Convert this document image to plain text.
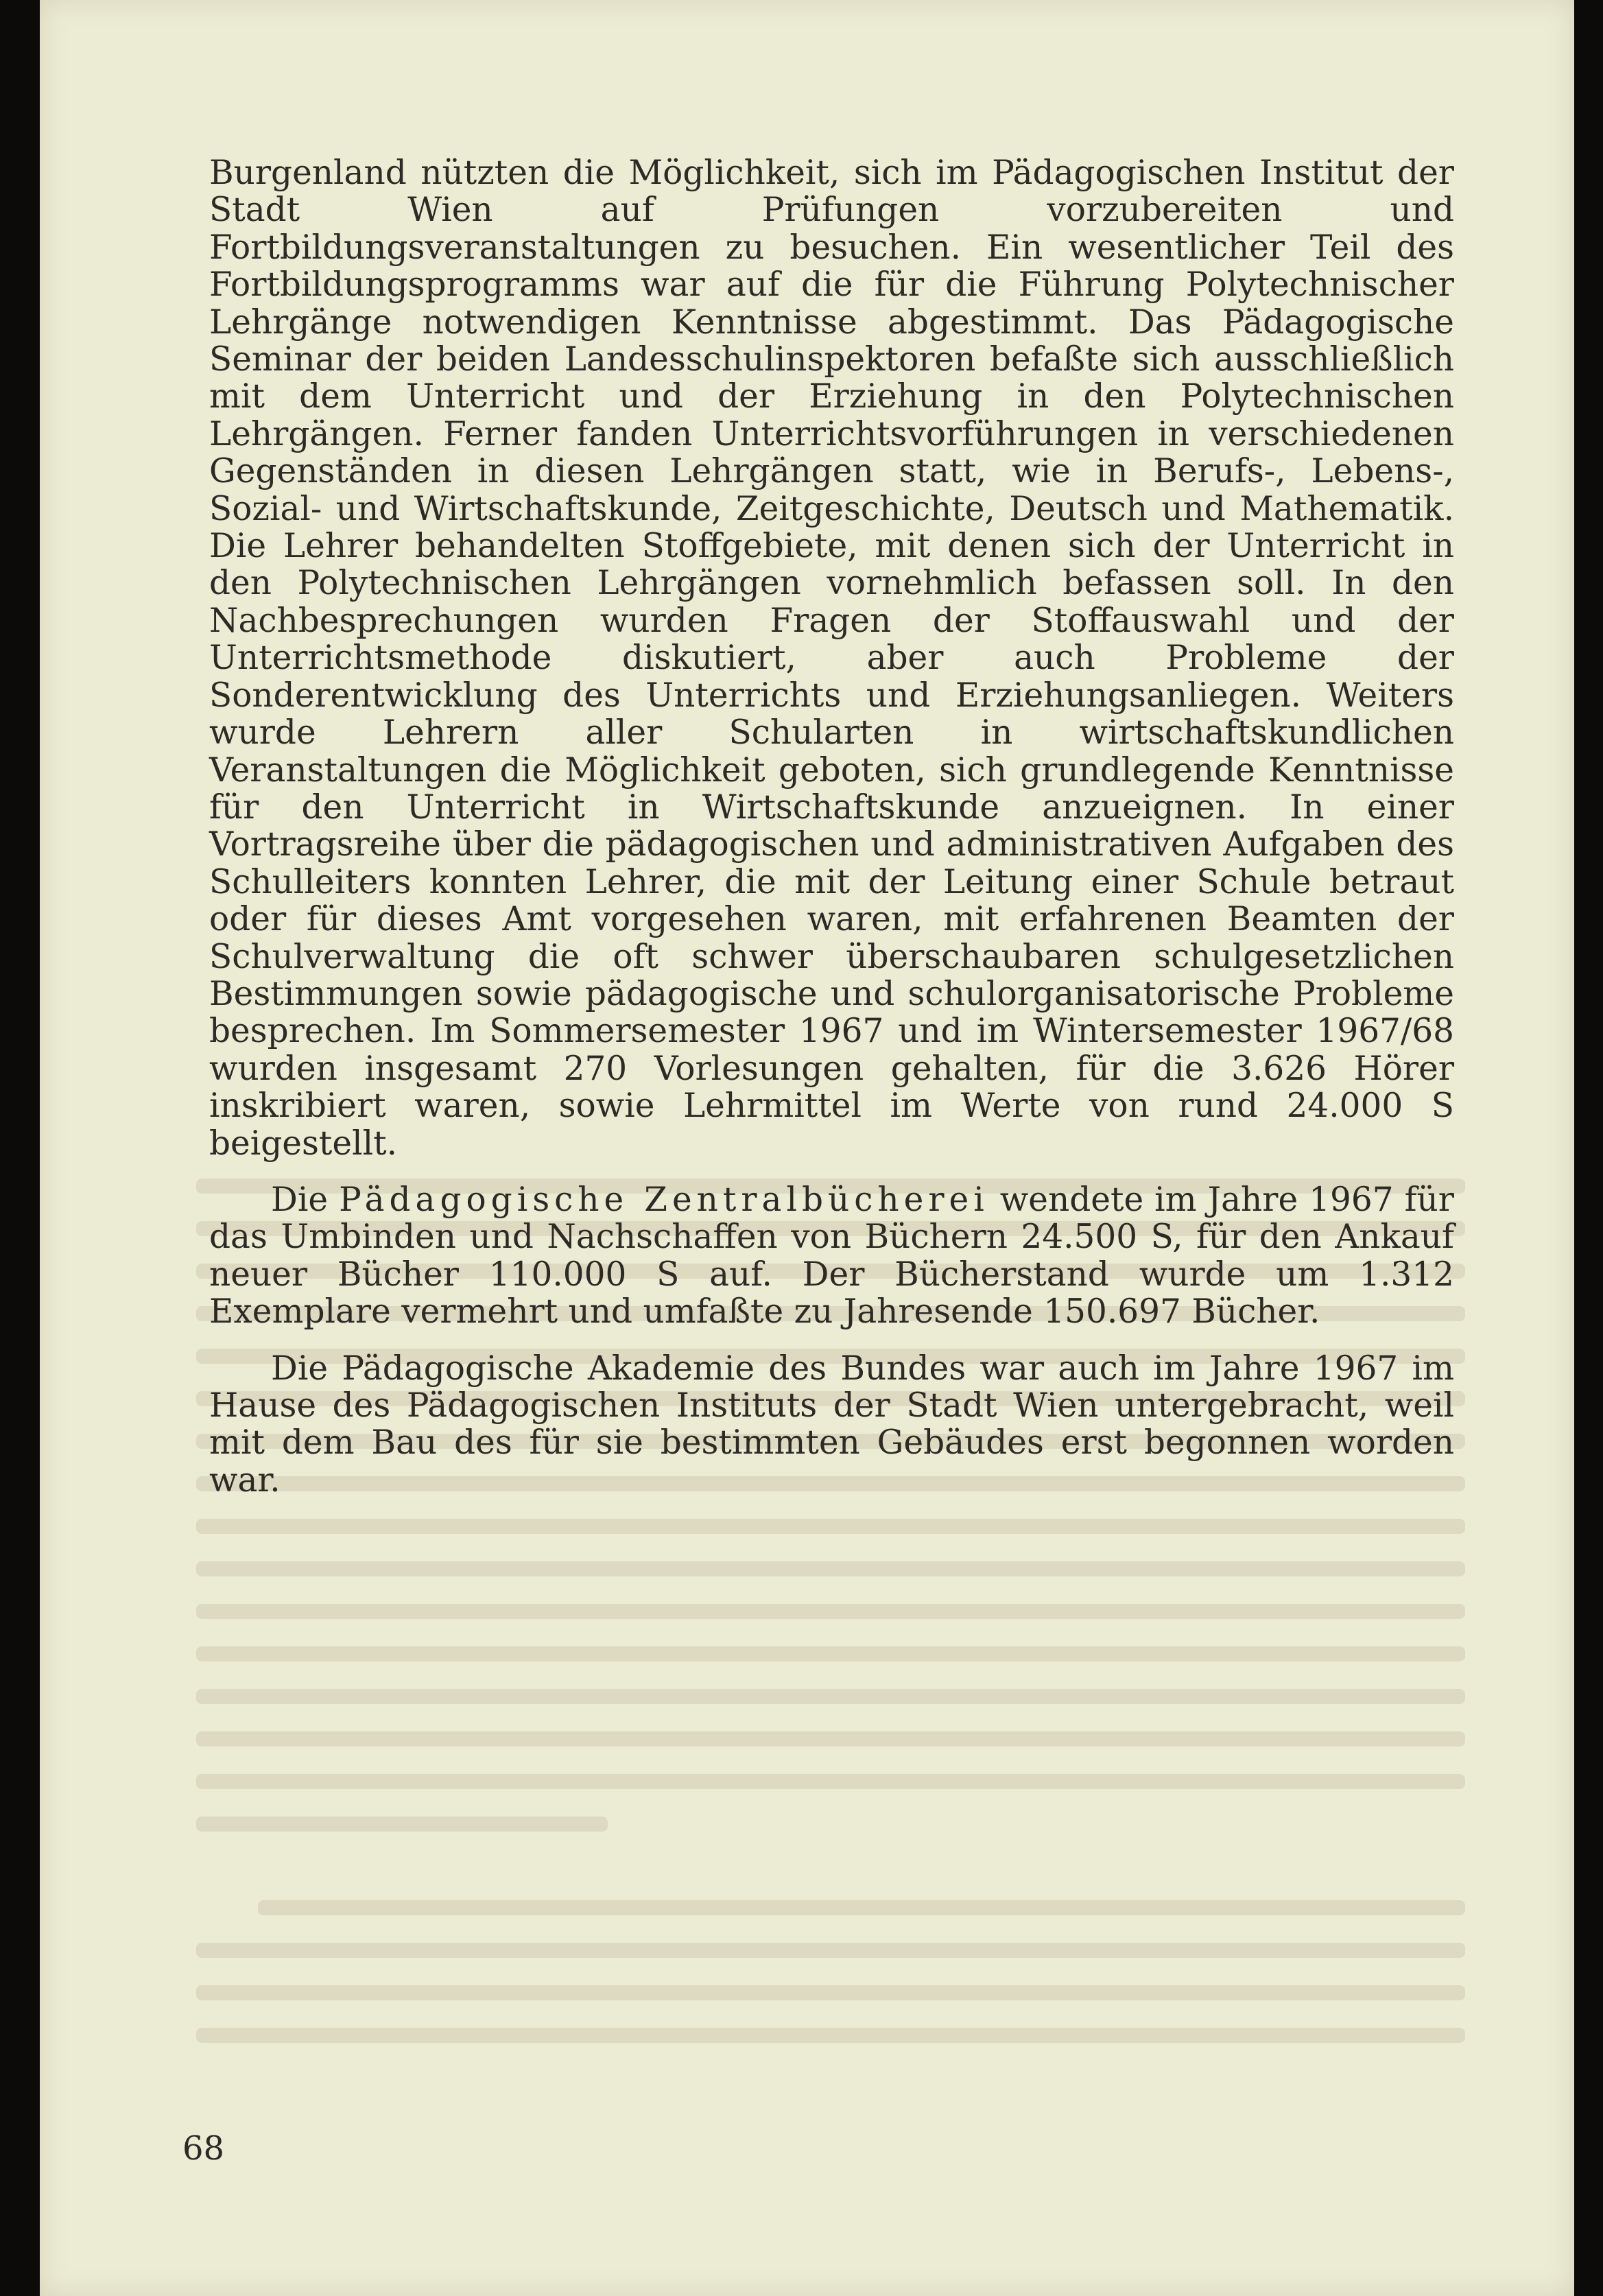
Burgenland nützten die Möglichkeit, sich im Pädagogischen Institut der Stadt Wien auf Prüfungen vorzubereiten und Fortbildungsveranstaltungen zu besuchen. Ein wesentlicher Teil des Fortbildungsprogramms war auf die für die Führung Polytechnischer Lehrgänge notwendigen Kenntnisse abgestimmt. Das Pädagogische Seminar der beiden Landesschulinspektoren befaßte sich ausschließlich mit dem Unterricht und der Erziehung in den Polytechnischen Lehrgängen. Ferner fanden Unterrichtsvorführungen in verschiedenen Gegenständen in diesen Lehrgängen statt, wie in Berufs-, Lebens-, Sozial- und Wirtschaftskunde, Zeitgeschichte, Deutsch und Mathematik. Die Lehrer behandelten Stoffgebiete, mit denen sich der Unterricht in den Polytechnischen Lehrgängen vornehmlich befassen soll. In den Nachbesprechungen wurden Fragen der Stoffauswahl und der Unterrichtsmethode diskutiert, aber auch Probleme der Sonderentwicklung des Unterrichts und Erziehungsanliegen. Weiters wurde Lehrern aller Schularten in wirtschaftskundlichen Veranstaltungen die Möglichkeit geboten, sich grundlegende Kenntnisse für den Unterricht in Wirtschaftskunde anzueignen. In einer Vortragsreihe über die pädagogischen und administrativen Aufgaben des Schulleiters konnten Lehrer, die mit der Leitung einer Schule betraut oder für dieses Amt vorgesehen waren, mit erfahrenen Beamten der Schulverwaltung die oft schwer überschaubaren schulgesetzlichen Bestimmungen sowie pädagogische und schulorganisatorische Probleme besprechen. Im Sommersemester 1967 und im Wintersemester 1967/68 wurden insgesamt 270 Vorlesungen gehalten, für die 3.626 Hörer inskribiert waren, sowie Lehrmittel im Werte von rund 24.000 S beigestellt.

Die Pädagogische Zentralbücherei wendete im Jahre 1967 für das Umbinden und Nachschaffen von Büchern 24.500 S, für den Ankauf neuer Bücher 110.000 S auf. Der Bücherstand wurde um 1.312 Exemplare vermehrt und umfaßte zu Jahresende 150.697 Bücher.

Die Pädagogische Akademie des Bundes war auch im Jahre 1967 im Hause des Pädagogischen Instituts der Stadt Wien untergebracht, weil mit dem Bau des für sie bestimmten Gebäudes erst begonnen worden war.

68
